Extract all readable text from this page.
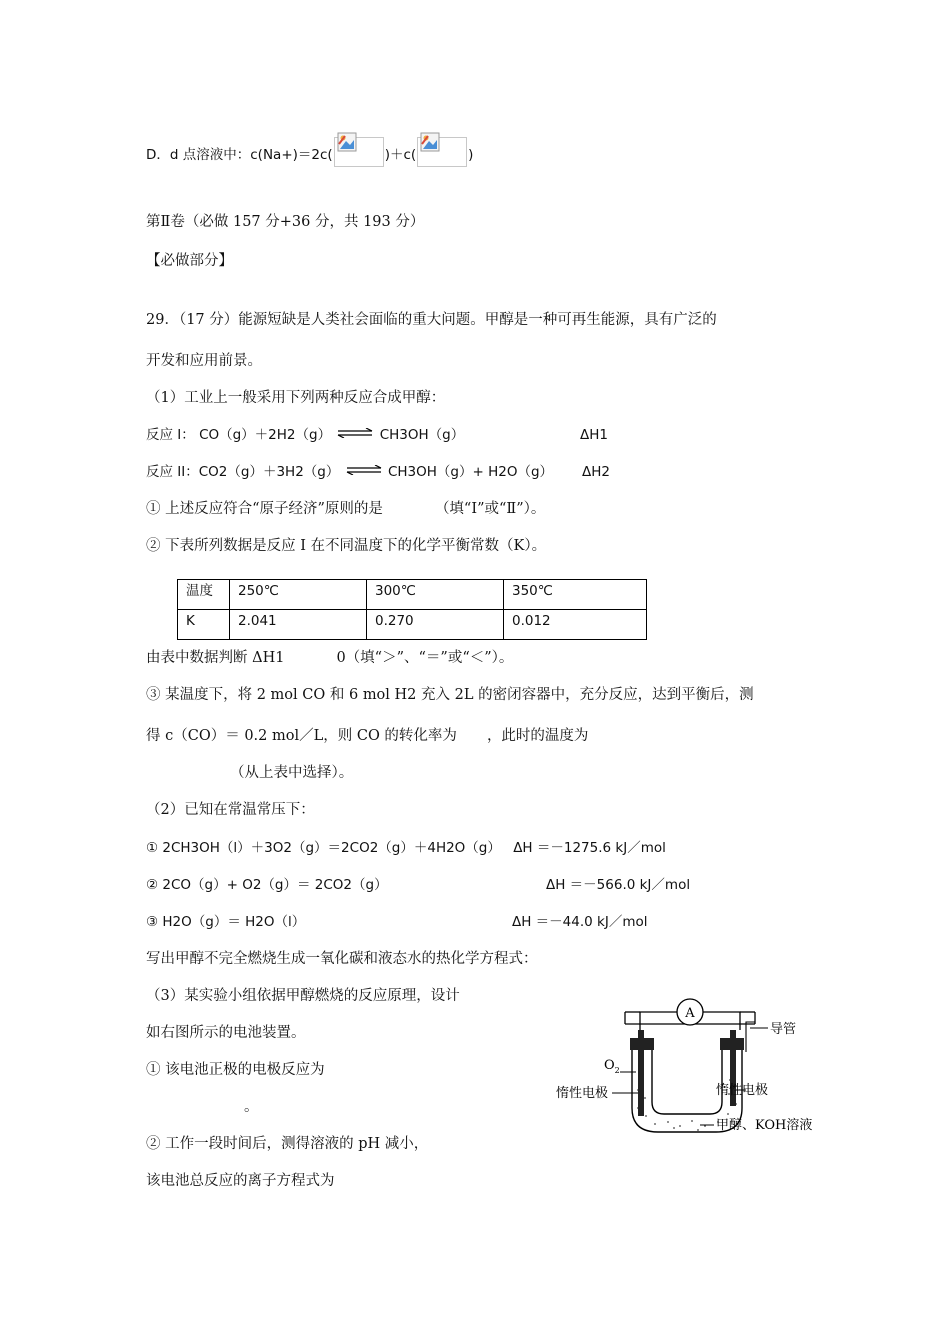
D．d 点溶液中：c(Na+)＝2c(	)＋c(	)
第Ⅱ卷（必做 157 分+36 分，共 193 分）
【必做部分】
29．（17 分）能源短缺是人类社会面临的重大问题。甲醇是一种可再生能源，具有广泛的
开发和应用前景。
（1）工业上一般采用下列两种反应合成甲醇：
反应 I： CO（g）＋2H2（g） ⇌ CH3OH（g）	ΔH1
反应 II：CO2（g）＋3H2（g） ⇌ CH3OH（g）+ H2O（g） ΔH2
① 上述反应符合“原子经济”原则的是	（填“I”或“Ⅱ”）。
② 下表所列数据是反应 I 在不同温度下的化学平衡常数（K）。
温度	250℃	300℃	350℃
K	2.041	0.270	0.012
由表中数据判断 ΔH1	0（填“＞”、“＝”或“＜”）。
③ 某温度下，将 2 mol CO 和 6 mol H2 充入 2L 的密闭容器中，充分反应，达到平衡后，测
得 c（CO）＝ 0.2 mol／L，则 CO 的转化率为 ，此时的温度为
（从上表中选择）。
（2）已知在常温常压下：
① 2CH3OH（l）＋3O2（g）＝2CO2（g）＋4H2O（g） ΔH ＝－1275.6 kJ／mol
② 2CO（g）+ O2（g）＝ 2CO2（g）	ΔH ＝－566.0 kJ／mol
③ H2O（g）＝ H2O（l）	ΔH ＝－44.0 kJ／mol
写出甲醇不完全燃烧生成一氧化碳和液态水的热化学方程式：
（3）某实验小组依据甲醇燃烧的反应原理，设计
如右图所示的电池装置。
① 该电池正极的电极反应为
。
② 工作一段时间后，测得溶液的 pH 减小，
该电池总反应的离子方程式为
A
导管
$O_2$
惰性电极	惰性电极
甲醇、KOH溶液
